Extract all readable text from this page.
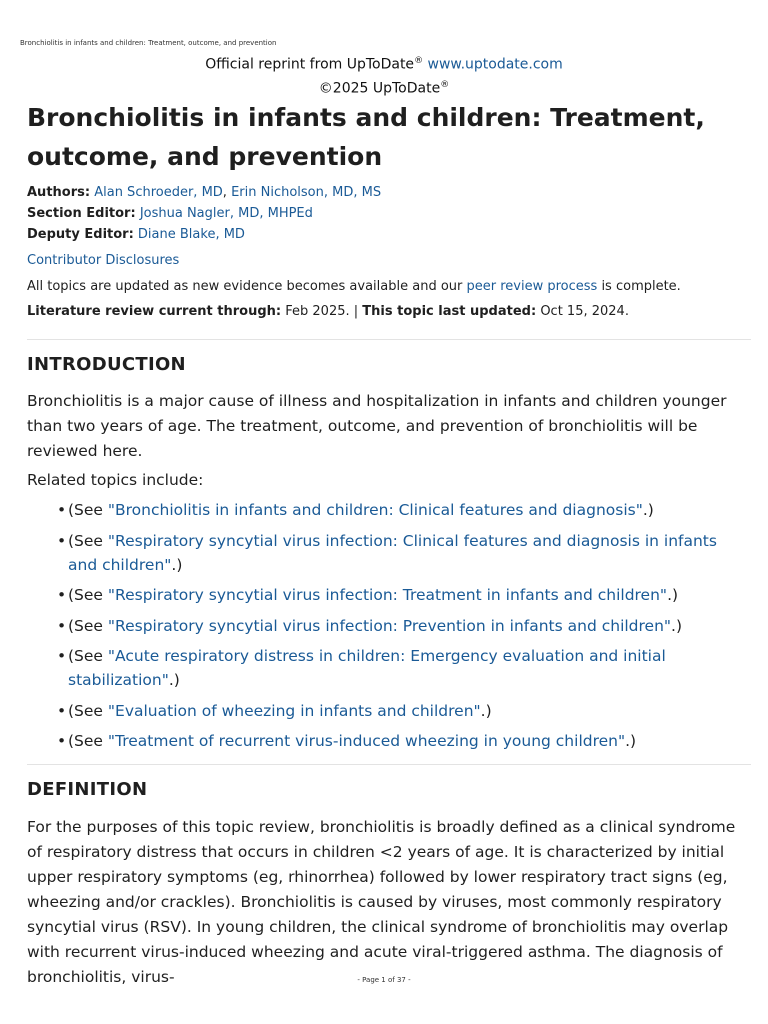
Bronchiolitis in infants and children: Treatment, outcome, and prevention
Official reprint from UpToDate® www.uptodate.com
©2025 UpToDate®
Bronchiolitis in infants and children: Treatment, outcome, and prevention
Authors: Alan Schroeder, MD, Erin Nicholson, MD, MS
Section Editor: Joshua Nagler, MD, MHPEd
Deputy Editor: Diane Blake, MD
Contributor Disclosures
All topics are updated as new evidence becomes available and our peer review process is complete.
Literature review current through: Feb 2025. | This topic last updated: Oct 15, 2024.
INTRODUCTION

Bronchiolitis is a major cause of illness and hospitalization in infants and children younger than two years of age. The treatment, outcome, and prevention of bronchiolitis will be reviewed here.

Related topics include:

• (See "Bronchiolitis in infants and children: Clinical features and diagnosis".)
• (See "Respiratory syncytial virus infection: Clinical features and diagnosis in infants and children".)
• (See "Respiratory syncytial virus infection: Treatment in infants and children".)
• (See "Respiratory syncytial virus infection: Prevention in infants and children".)
• (See "Acute respiratory distress in children: Emergency evaluation and initial stabilization".)
• (See "Evaluation of wheezing in infants and children".)
• (See "Treatment of recurrent virus-induced wheezing in young children".)
DEFINITION

For the purposes of this topic review, bronchiolitis is broadly defined as a clinical syndrome of respiratory distress that occurs in children <2 years of age. It is characterized by initial upper respiratory symptoms (eg, rhinorrhea) followed by lower respiratory tract signs (eg, wheezing and/or crackles). Bronchiolitis is caused by viruses, most commonly respiratory syncytial virus (RSV). In young children, the clinical syndrome of bronchiolitis may overlap with recurrent virus-induced wheezing and acute viral-triggered asthma. The diagnosis of bronchiolitis, virus-	- Page 1 of 37 -
